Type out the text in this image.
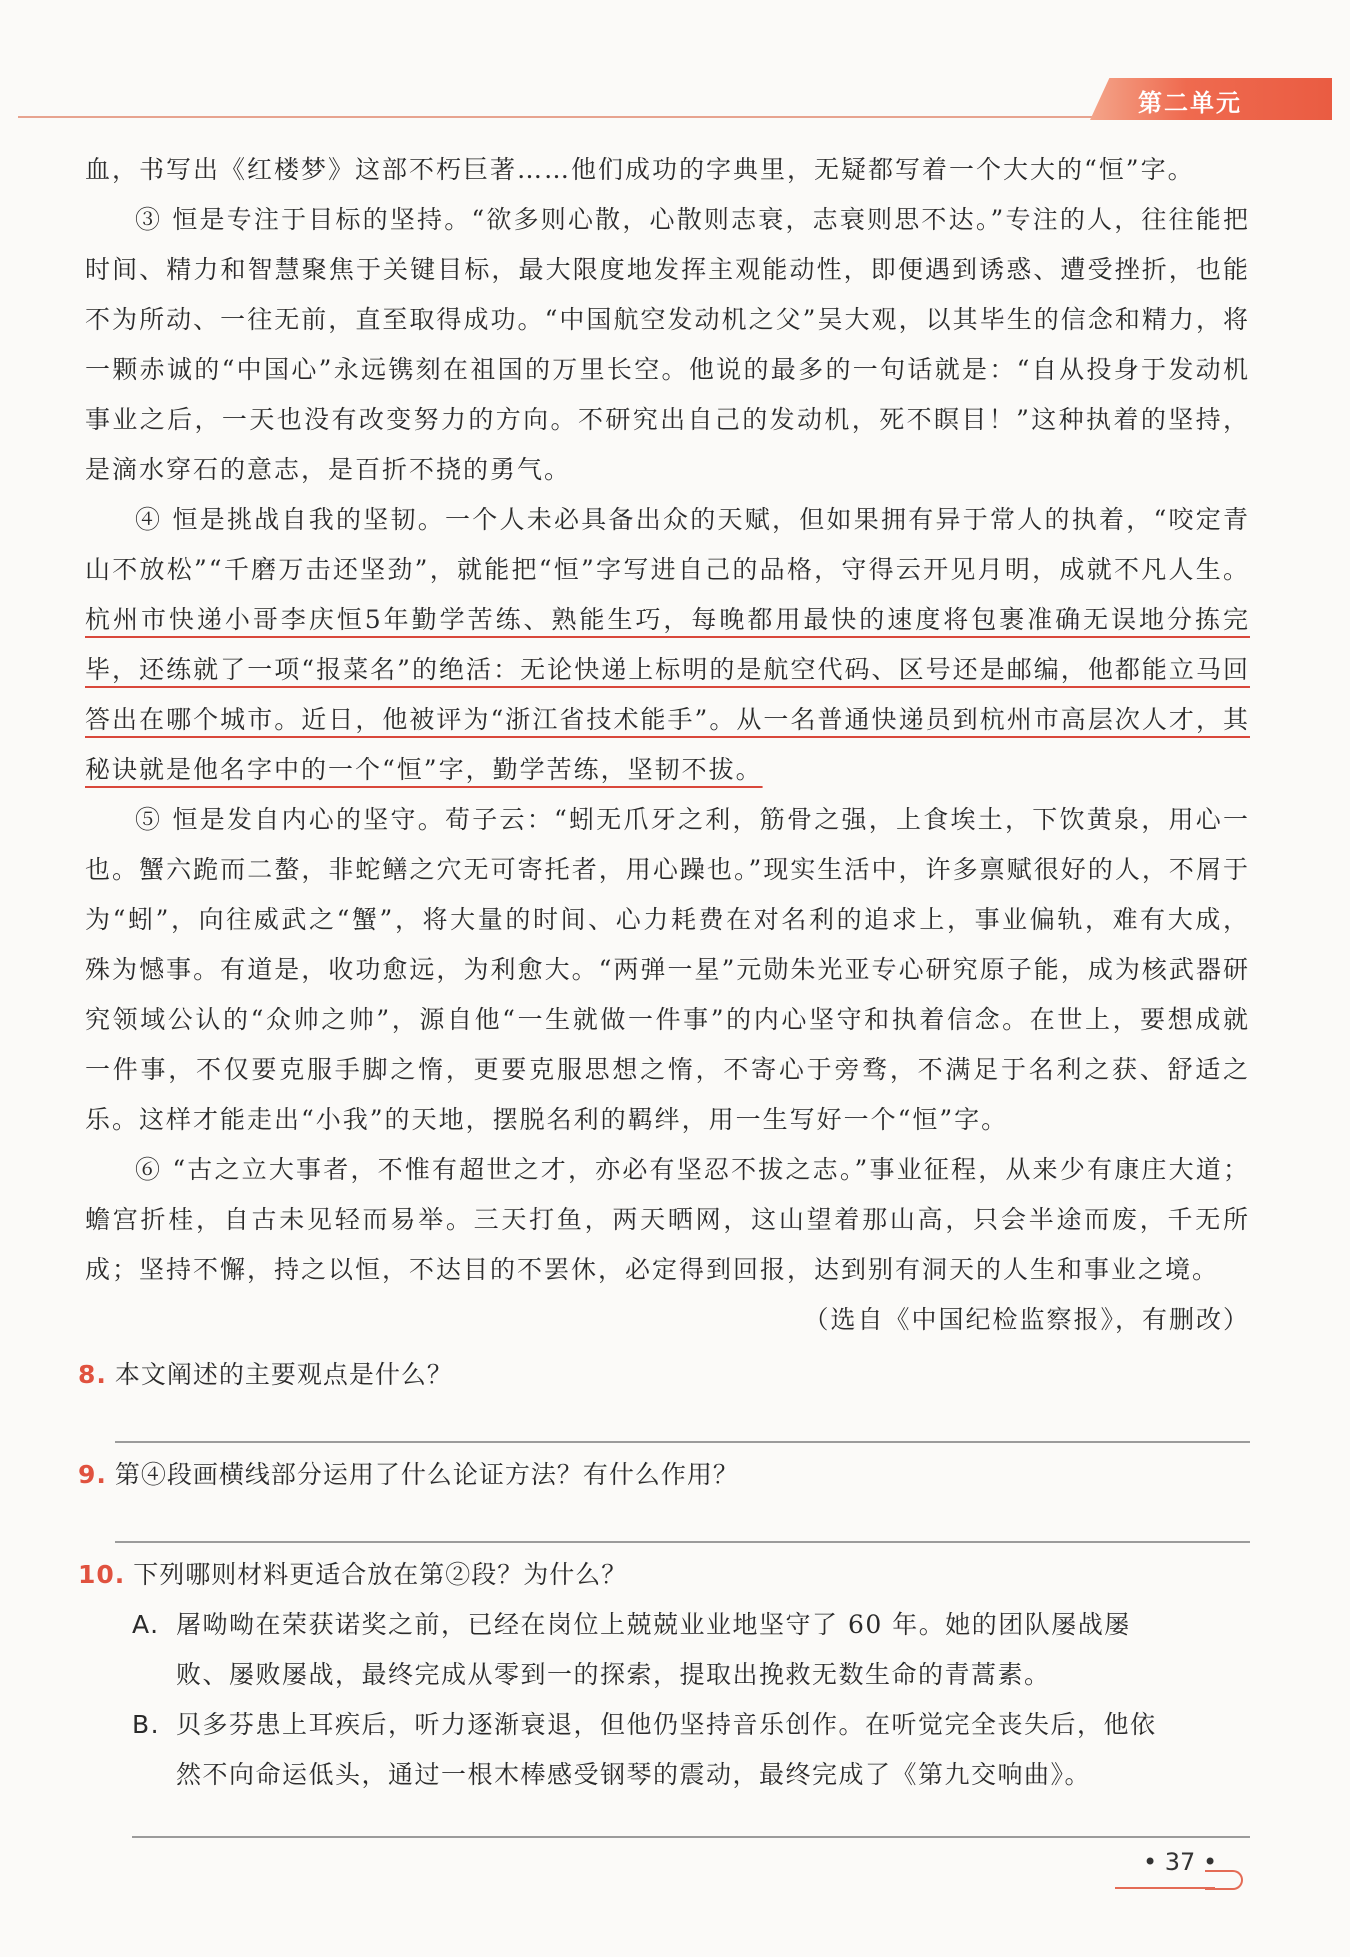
第二单元

血，书写出《红楼梦》这部不朽巨著……他们成功的字典里，无疑都写着一个大大的“恒”字。

③ 恒是专注于目标的坚持。“欲多则心散，心散则志衰，志衰则思不达。”专注的人，往往能把时间、精力和智慧聚焦于关键目标，最大限度地发挥主观能动性，即便遇到诱惑、遭受挫折，也能不为所动、一往无前，直至取得成功。“中国航空发动机之父”吴大观，以其毕生的信念和精力，将一颗赤诚的“中国心”永远镌刻在祖国的万里长空。他说的最多的一句话就是：“自从投身于发动机事业之后，一天也没有改变努力的方向。不研究出自己的发动机，死不瞑目！”这种执着的坚持，是滴水穿石的意志，是百折不挠的勇气。

④ 恒是挑战自我的坚韧。一个人未必具备出众的天赋，但如果拥有异于常人的执着，“咬定青山不放松”“千磨万击还坚劲”，就能把“恒”字写进自己的品格，守得云开见月明，成就不凡人生。杭州市快递小哥李庆恒5年勤学苦练、熟能生巧，每晚都用最快的速度将包裹准确无误地分拣完毕，还练就了一项“报菜名”的绝活：无论快递上标明的是航空代码、区号还是邮编，他都能立马回答出在哪个城市。近日，他被评为“浙江省技术能手”。从一名普通快递员到杭州市高层次人才，其秘诀就是他名字中的一个“恒”字，勤学苦练，坚韧不拔。

⑤ 恒是发自内心的坚守。荀子云：“蚓无爪牙之利，筋骨之强，上食埃土，下饮黄泉，用心一也。蟹六跪而二螯，非蛇鳝之穴无可寄托者，用心躁也。”现实生活中，许多禀赋很好的人，不屑于为“蚓”，向往威武之“蟹”，将大量的时间、心力耗费在对名利的追求上，事业偏轨，难有大成，殊为憾事。有道是，收功愈远，为利愈大。“两弹一星”元勋朱光亚专心研究原子能，成为核武器研究领域公认的“众帅之帅”，源自他“一生就做一件事”的内心坚守和执着信念。在世上，要想成就一件事，不仅要克服手脚之惰，更要克服思想之惰，不寄心于旁骛，不满足于名利之获、舒适之乐。这样才能走出“小我”的天地，摆脱名利的羁绊，用一生写好一个“恒”字。

⑥ “古之立大事者，不惟有超世之才，亦必有坚忍不拔之志。”事业征程，从来少有康庄大道；蟾宫折桂，自古未见轻而易举。三天打鱼，两天晒网，这山望着那山高，只会半途而废，千无所成；坚持不懈，持之以恒，不达目的不罢休，必定得到回报，达到别有洞天的人生和事业之境。

（选自《中国纪检监察报》，有删改）

8. 本文阐述的主要观点是什么？
9. 第④段画横线部分运用了什么论证方法？有什么作用？
10. 下列哪则材料更适合放在第②段？为什么？
A. 屠呦呦在荣获诺奖之前，已经在岗位上兢兢业业地坚守了 60 年。她的团队屡战屡
败、屡败屡战，最终完成从零到一的探索，提取出挽救无数生命的青蒿素。
B. 贝多芬患上耳疾后，听力逐渐衰退，但他仍坚持音乐创作。在听觉完全丧失后，他依
然不向命运低头，通过一根木棒感受钢琴的震动，最终完成了《第九交响曲》。
• 37 •
